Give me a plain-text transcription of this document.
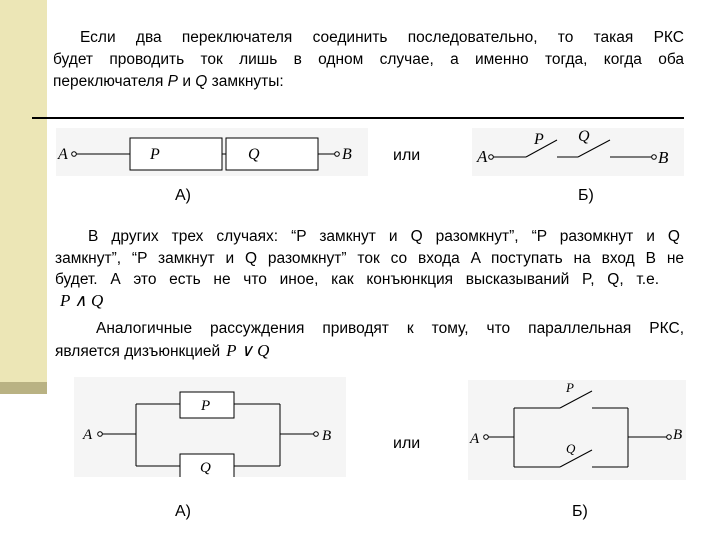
Если два переключателя соединить последовательно, то такая РКС

будет проводить ток лишь в одном случае, а именно тогда, когда оба

переключателя P и Q замкнуты:

A	P	Q	B	или	A
P Q
B
А)	Б)

В других трех случаях: “P замкнут и Q разомкнут”, “P разомкнут и Q

замкнут”, “P замкнут и Q разомкнут” ток со входа A поступать на вход B не

будет. А это есть не что иное, как конъюнкция высказываний P, Q, т.е.

P ∧ Q

Аналогичные рассуждения приводят к тому, что параллельная РКС,

является дизъюнкцией P ∨ Q

A
P
Q
B	или	A
P
Q
B
А)	Б)
